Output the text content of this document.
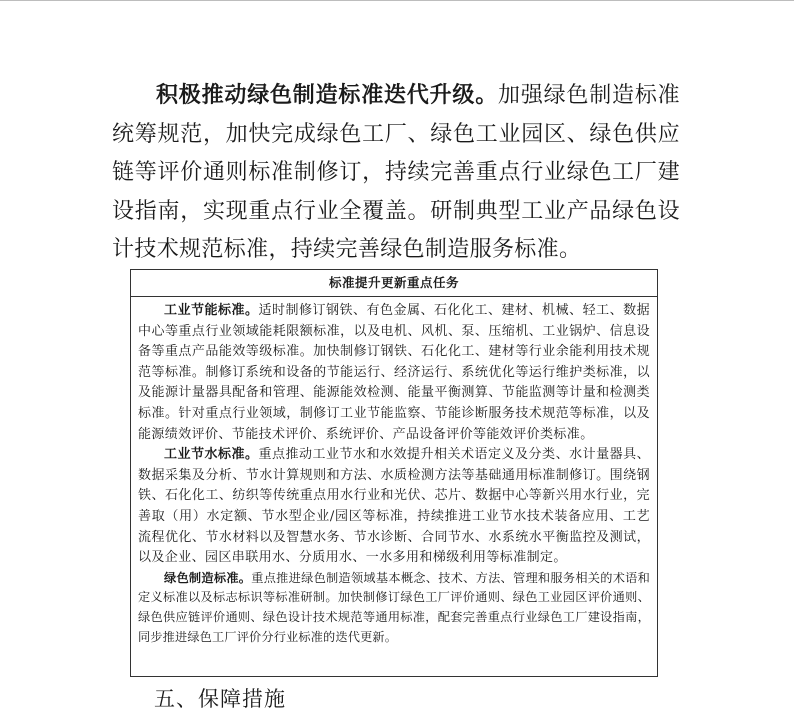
积极推动绿色制造标准迭代升级。加强绿色制造标准统筹规范，加快完成绿色工厂、绿色工业园区、绿色供应链等评价通则标准制修订，持续完善重点行业绿色工厂建设指南，实现重点行业全覆盖。研制典型工业产品绿色设计技术规范标准，持续完善绿色制造服务标准。

标准提升更新重点任务

工业节能标准。适时制修订钢铁、有色金属、石化化工、建材、机械、轻工、数据中心等重点行业领域能耗限额标准，以及电机、风机、泵、压缩机、工业锅炉、信息设备等重点产品能效等级标准。加快制修订钢铁、石化化工、建材等行业余能利用技术规范等标准。制修订系统和设备的节能运行、经济运行、系统优化等运行维护类标准，以及能源计量器具配备和管理、能源能效检测、能量平衡测算、节能监测等计量和检测类标准。针对重点行业领域，制修订工业节能监察、节能诊断服务技术规范等标准，以及能源绩效评价、节能技术评价、系统评价、产品设备评价等能效评价类标准。

工业节水标准。重点推动工业节水和水效提升相关术语定义及分类、水计量器具、数据采集及分析、节水计算规则和方法、水质检测方法等基础通用标准制修订。围绕钢铁、石化化工、纺织等传统重点用水行业和光伏、芯片、数据中心等新兴用水行业，完善取（用）水定额、节水型企业/园区等标准，持续推进工业节水技术装备应用、工艺流程优化、节水材料以及智慧水务、节水诊断、合同节水、水系统水平衡监控及测试，以及企业、园区串联用水、分质用水、一水多用和梯级利用等标准制定。

绿色制造标准。重点推进绿色制造领域基本概念、技术、方法、管理和服务相关的术语和定义标准以及标志标识等标准研制。加快制修订绿色工厂评价通则、绿色工业园区评价通则、绿色供应链评价通则、绿色设计技术规范等通用标准，配套完善重点行业绿色工厂建设指南，同步推进绿色工厂评价分行业标准的迭代更新。

五、保障措施
